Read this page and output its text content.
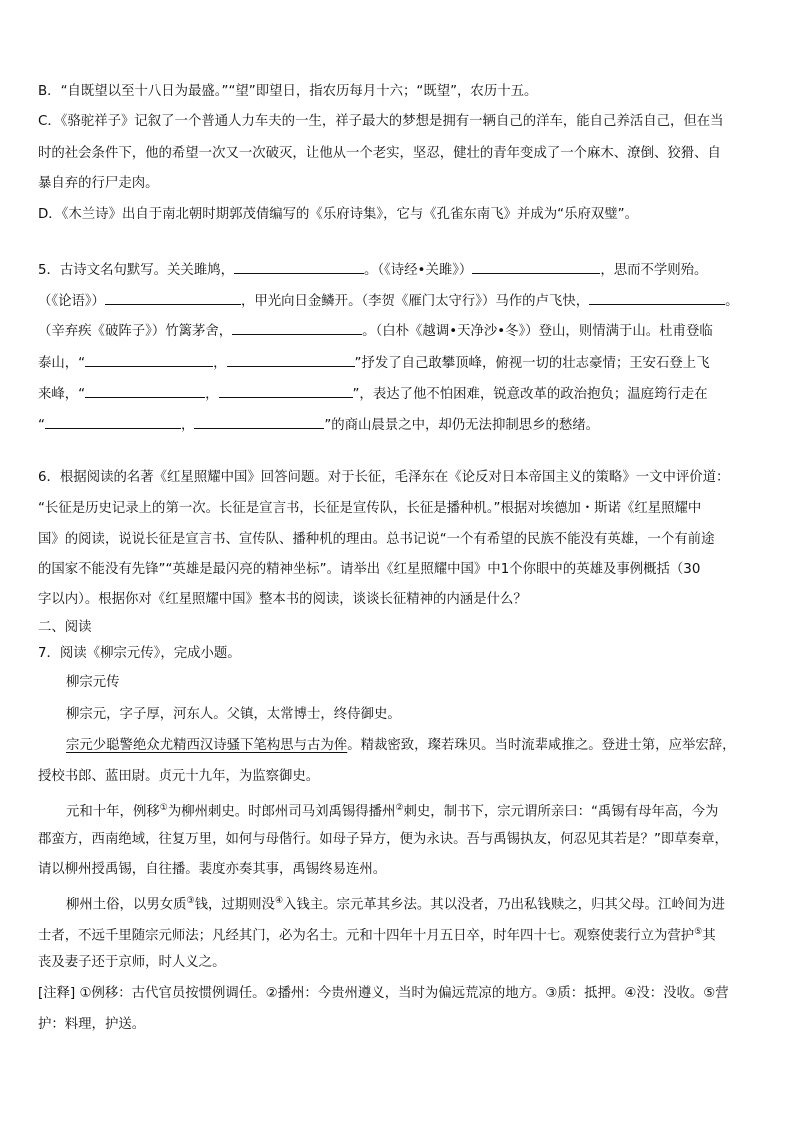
B．“自既望以至十八日为最盛。”“望”即望日，指农历每月十六；“既望”，农历十五。
C．《骆驼祥子》记叙了一个普通人力车夫的一生，祥子最大的梦想是拥有一辆自己的洋车，能自己养活自己，但在当
时的社会条件下，他的希望一次又一次破灭，让他从一个老实，坚忍，健壮的青年变成了一个麻木、潦倒、狡猾、自
暴自弃的行尸走肉。
D．《木兰诗》出自于南北朝时期郭茂倩编写的《乐府诗集》，它与《孔雀东南飞》并成为“乐府双璧”。
5．古诗文名句默写。关关雎鸠，	。（《诗经•关雎》）	，思而不学则殆。
（《论语》）	，甲光向日金鳞开。（李贺《雁门太守行》）马作的卢飞快，	。
（辛弃疾《破阵子》）竹篱茅舍，	。（白朴《越调•天净沙•冬》）登山，则情满于山。杜甫登临
泰山，“	，	”抒发了自己敢攀顶峰，俯视一切的壮志豪情；王安石登上飞
来峰，“	，	”，表达了他不怕困难，锐意改革的政治抱负；温庭筠行走在
“	，	”的商山晨景之中，却仍无法抑制思乡的愁绪。
6．根据阅读的名著《红星照耀中国》回答问题。对于长征，毛泽东在《论反对日本帝国主义的策略》一文中评价道：
“长征是历史记录上的第一次。长征是宣言书，长征是宣传队，长征是播种机。”根据对埃德加・斯诺《红星照耀中
国》的阅读，说说长征是宣言书、宣传队、播种机的理由。总书记说“一个有希望的民族不能没有英雄，一个有前途
的国家不能没有先锋”“英雄是最闪亮的精神坐标”。请举出《红星照耀中国》中1个你眼中的英雄及事例概括（30
字以内）。根据你对《红星照耀中国》整本书的阅读，谈谈长征精神的内涵是什么？
二、阅读
7．阅读《柳宗元传》，完成小题。
柳宗元传
柳宗元，字子厚，河东人。父镇，太常博士，终侍御史。
宗元少聪警绝众尤精西汉诗骚下笔构思与古为侔。精裁密致，璨若珠贝。当时流辈咸推之。登进士第，应举宏辞，
授校书郎、蓝田尉。贞元十九年，为监察御史。
元和十年，例移①为柳州刺史。时郎州司马刘禹锡得播州②刺史，制书下，宗元谓所亲曰：“禹锡有母年高，今为
郡蛮方，西南绝域，往复万里，如何与母偕行。如母子异方，便为永诀。吾与禹锡执友，何忍见其若是？”即草奏章，
请以柳州授禹锡，自往播。裴度亦奏其事，禹锡终易连州。
柳州土俗，以男女质③钱，过期则没④入钱主。宗元革其乡法。其以没者，乃出私钱赎之，归其父母。江岭间为进
士者，不远千里随宗元师法；凡经其门，必为名士。元和十四年十月五日卒，时年四十七。观察使裴行立为营护⑤其
丧及妻子还于京师，时人义之。
[注释] ①例移：古代官员按惯例调任。②播州：今贵州遵义，当时为偏远荒凉的地方。③质：抵押。④没：没收。⑤营
护：料理，护送。
